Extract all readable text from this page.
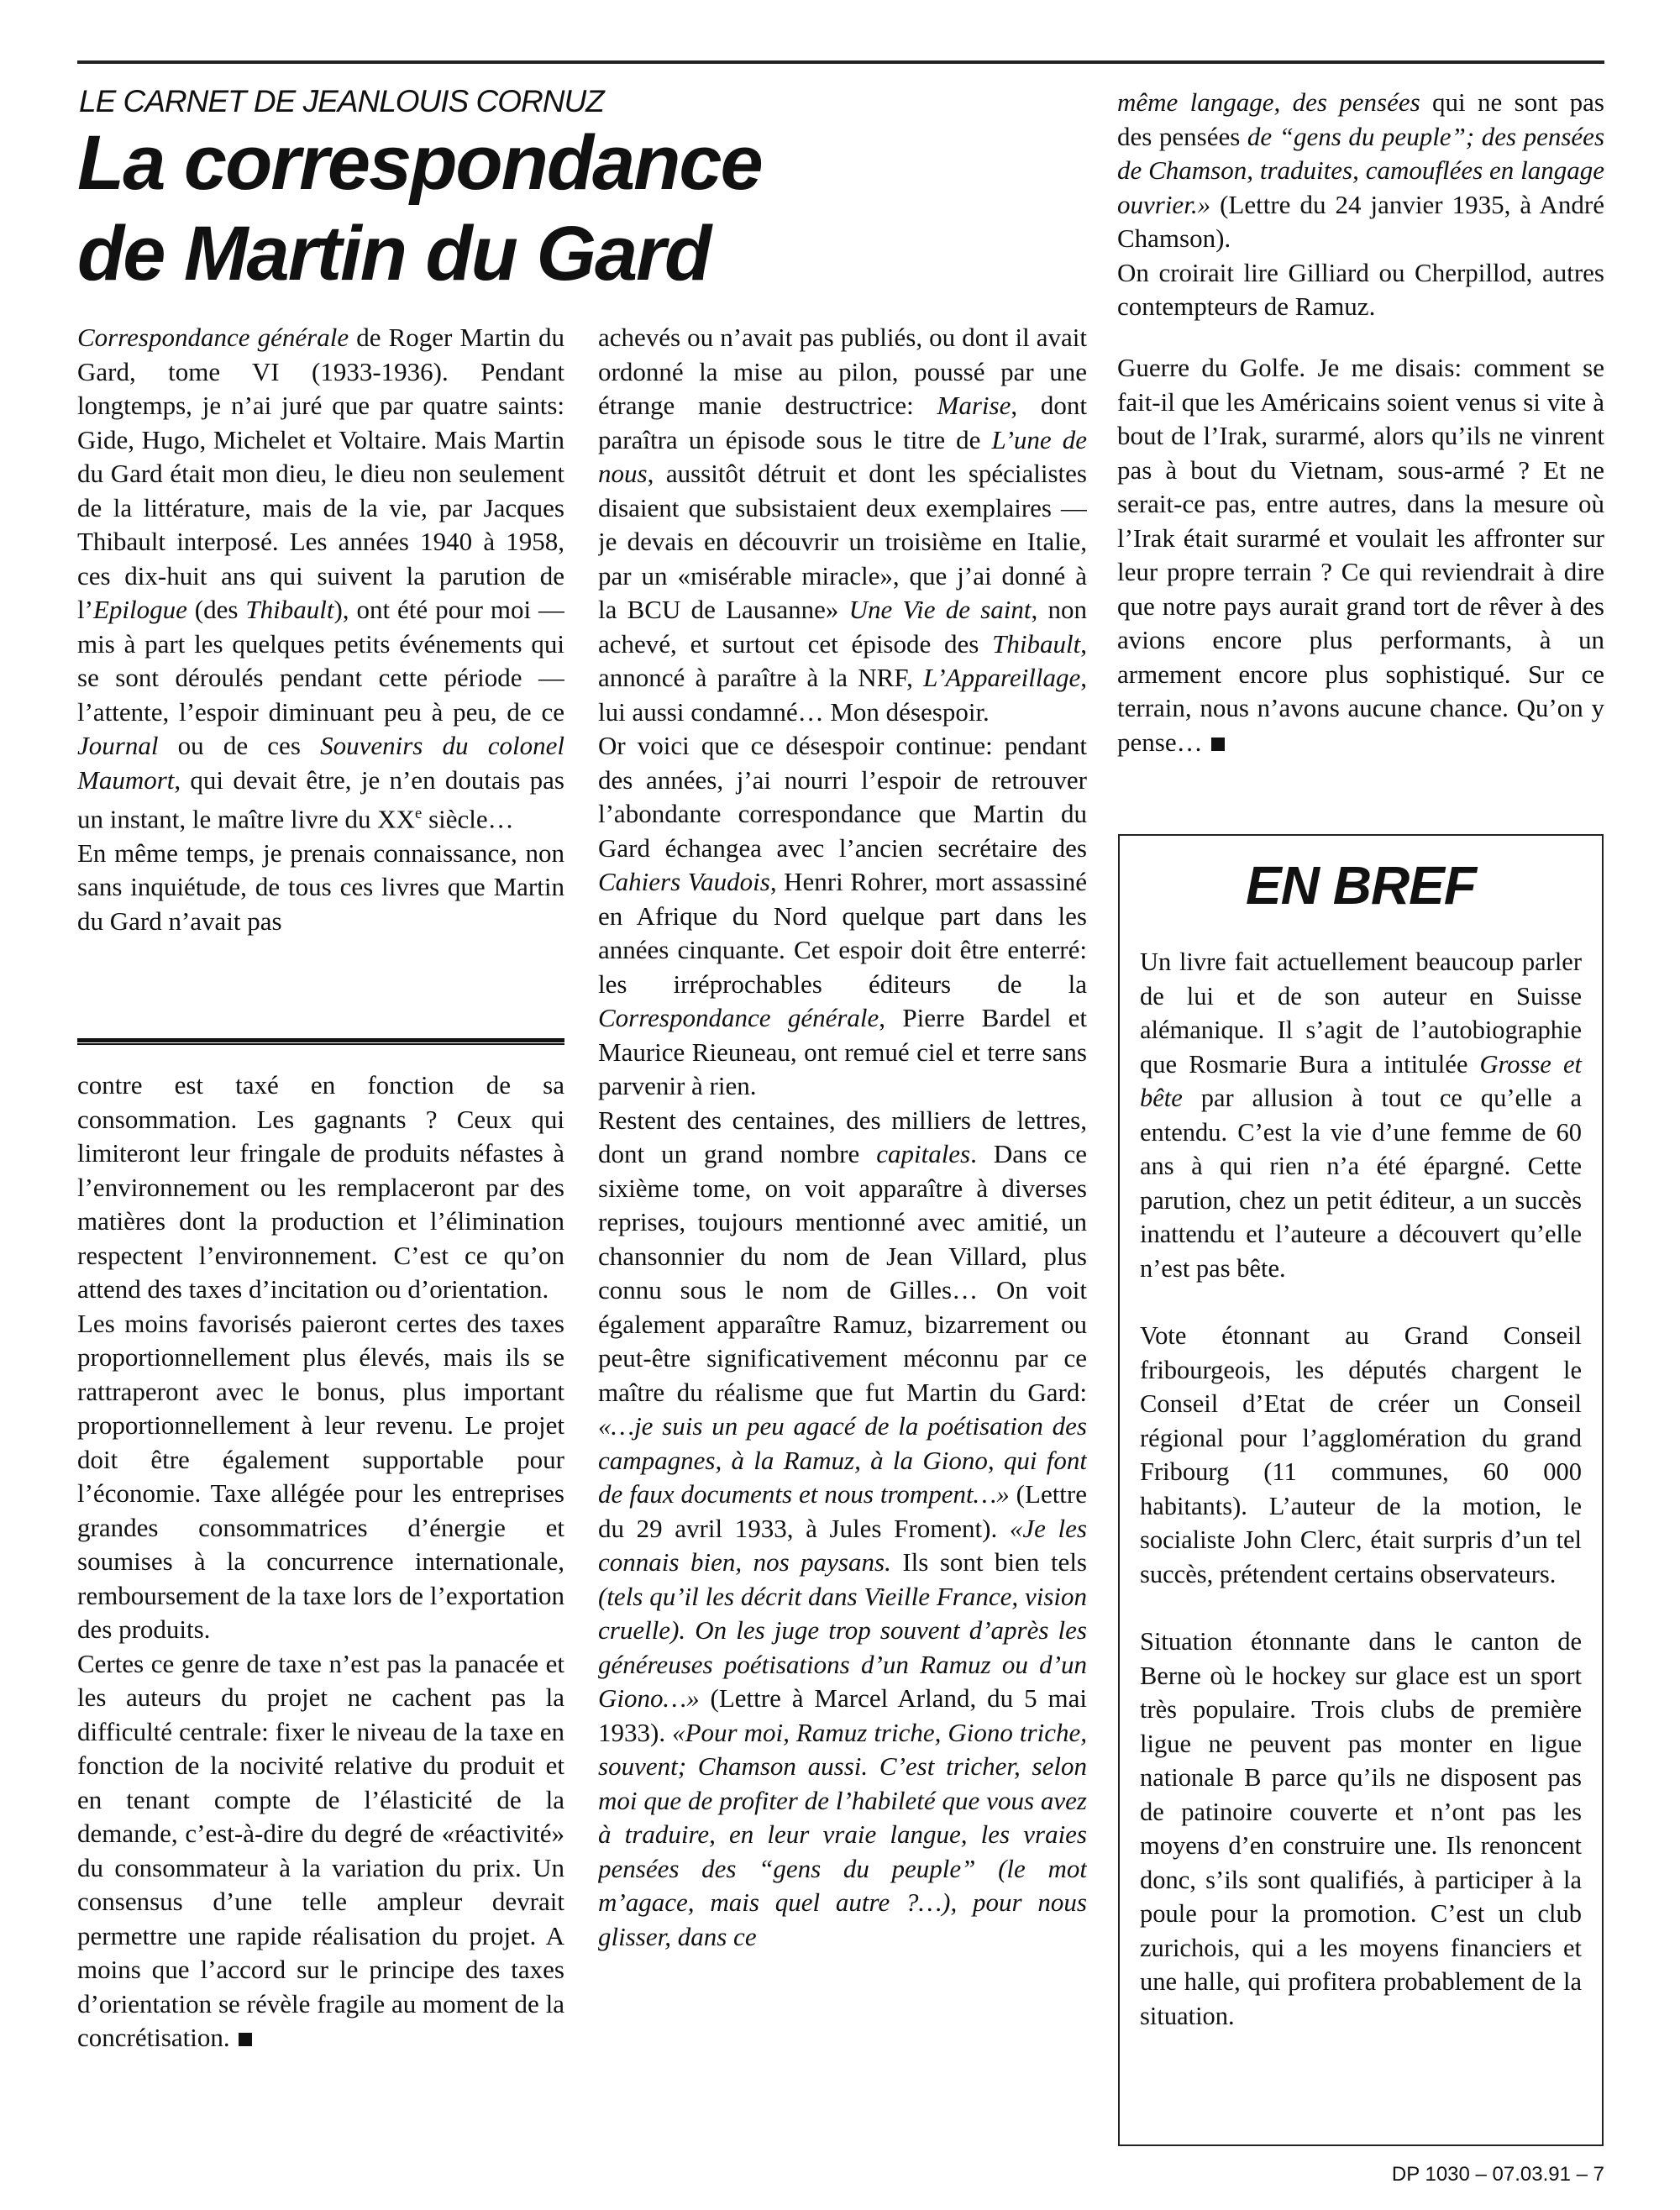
LE CARNET DE JEANLOUIS CORNUZ
La correspondance
de Martin du Gard

Correspondance générale de Roger Martin du Gard, tome VI (1933-1936). Pendant longtemps, je n’ai juré que par quatre saints: Gide, Hugo, Michelet et Voltaire. Mais Martin du Gard était mon dieu, le dieu non seulement de la littérature, mais de la vie, par Jacques Thibault interposé. Les années 1940 à 1958, ces dix-huit ans qui suivent la parution de l’Epilogue (des Thibault), ont été pour moi — mis à part les quelques petits événements qui se sont déroulés pendant cette période — l’attente, l’espoir diminuant peu à peu, de ce Journal ou de ces Souvenirs du colonel Maumort, qui devait être, je n’en doutais pas un instant, le maître livre du XXe siècle…
En même temps, je prenais connaissance, non sans inquiétude, de tous ces livres que Martin du Gard n’avait pas

contre est taxé en fonction de sa consommation. Les gagnants ? Ceux qui limiteront leur fringale de produits néfastes à l’environnement ou les remplaceront par des matières dont la production et l’élimination respectent l’environnement. C’est ce qu’on attend des taxes d’incitation ou d’orientation.
Les moins favorisés paieront certes des taxes proportionnellement plus élevés, mais ils se rattraperont avec le bonus, plus important proportionnellement à leur revenu. Le projet doit être également supportable pour l’économie. Taxe allégée pour les entreprises grandes consommatrices d’énergie et soumises à la concurrence internationale, remboursement de la taxe lors de l’exportation des produits.
Certes ce genre de taxe n’est pas la panacée et les auteurs du projet ne cachent pas la difficulté centrale: fixer le niveau de la taxe en fonction de la nocivité relative du produit et en tenant compte de l’élasticité de la demande, c’est-à-dire du degré de «réactivité» du consommateur à la variation du prix. Un consensus d’une telle ampleur devrait permettre une rapide réalisation du projet. A moins que l’accord sur le principe des taxes d’orientation se révèle fragile au moment de la concrétisation.

achevés ou n’avait pas publiés, ou dont il avait ordonné la mise au pilon, poussé par une étrange manie destructrice: Marise, dont paraîtra un épisode sous le titre de L’une de nous, aussitôt détruit et dont les spécialistes disaient que subsistaient deux exemplaires — je devais en découvrir un troisième en Italie, par un «misérable miracle», que j’ai donné à la BCU de Lausanne» Une Vie de saint, non achevé, et surtout cet épisode des Thibault, annoncé à paraître à la NRF, L’Appareillage, lui aussi condamné… Mon désespoir.
Or voici que ce désespoir continue: pendant des années, j’ai nourri l’espoir de retrouver l’abondante correspondance que Martin du Gard échangea avec l’ancien secrétaire des Cahiers Vaudois, Henri Rohrer, mort assassiné en Afrique du Nord quelque part dans les années cinquante. Cet espoir doit être enterré: les irréprochables éditeurs de la Correspondance générale, Pierre Bardel et Maurice Rieuneau, ont remué ciel et terre sans parvenir à rien.
Restent des centaines, des milliers de lettres, dont un grand nombre capitales. Dans ce sixième tome, on voit apparaître à diverses reprises, toujours mentionné avec amitié, un chansonnier du nom de Jean Villard, plus connu sous le nom de Gilles… On voit également apparaître Ramuz, bizarrement ou peut-être significativement méconnu par ce maître du réalisme que fut Martin du Gard: «…je suis un peu agacé de la poétisation des campagnes, à la Ramuz, à la Giono, qui font de faux documents et nous trompent…» (Lettre du 29 avril 1933, à Jules Froment). «Je les connais bien, nos paysans. Ils sont bien tels (tels qu’il les décrit dans Vieille France, vision cruelle). On les juge trop souvent d’après les généreuses poétisations d’un Ramuz ou d’un Giono…» (Lettre à Marcel Arland, du 5 mai 1933). «Pour moi, Ramuz triche, Giono triche, souvent; Chamson aussi. C’est tricher, selon moi que de profiter de l’habileté que vous avez à traduire, en leur vraie langue, les vraies pensées des “gens du peuple” (le mot m’agace, mais quel autre ?…), pour nous glisser, dans ce

même langage, des pensées qui ne sont pas des pensées de “gens du peuple”; des pensées de Chamson, traduites, camouflées en langage ouvrier.» (Lettre du 24 janvier 1935, à André Chamson).
On croirait lire Gilliard ou Cherpillod, autres contempteurs de Ramuz.

Guerre du Golfe. Je me disais: comment se fait-il que les Américains soient venus si vite à bout de l’Irak, surarmé, alors qu’ils ne vinrent pas à bout du Vietnam, sous-armé ? Et ne serait-ce pas, entre autres, dans la mesure où l’Irak était surarmé et voulait les affronter sur leur propre terrain ? Ce qui reviendrait à dire que notre pays aurait grand tort de rêver à des avions encore plus performants, à un armement encore plus sophistiqué. Sur ce terrain, nous n’avons aucune chance. Qu’on y pense…

EN BREF

Un livre fait actuellement beaucoup parler de lui et de son auteur en Suisse alémanique. Il s’agit de l’autobiographie que Rosmarie Bura a intitulée Grosse et bête par allusion à tout ce qu’elle a entendu. C’est la vie d’une femme de 60 ans à qui rien n’a été épargné. Cette parution, chez un petit éditeur, a un succès inattendu et l’auteure a découvert qu’elle n’est pas bête.

Vote étonnant au Grand Conseil fribourgeois, les députés chargent le Conseil d’Etat de créer un Conseil régional pour l’agglomération du grand Fribourg (11 communes, 60 000 habitants). L’auteur de la motion, le socialiste John Clerc, était surpris d’un tel succès, prétendent certains observateurs.

Situation étonnante dans le canton de Berne où le hockey sur glace est un sport très populaire. Trois clubs de première ligue ne peuvent pas monter en ligue nationale B parce qu’ils ne disposent pas de patinoire couverte et n’ont pas les moyens d’en construire une. Ils renoncent donc, s’ils sont qualifiés, à participer à la poule pour la promotion. C’est un club zurichois, qui a les moyens financiers et une halle, qui profitera probablement de la situation.

DP 1030 – 07.03.91 – 7
